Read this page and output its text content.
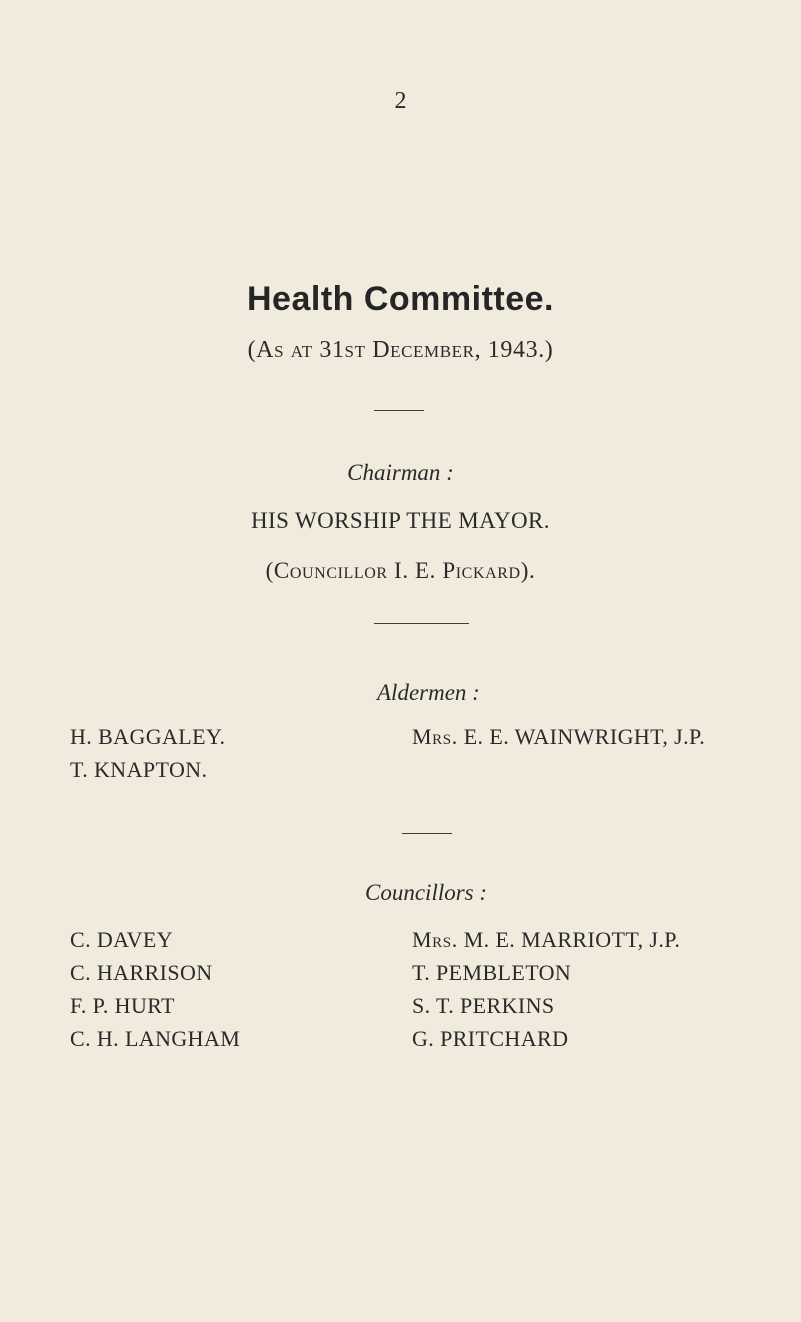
2
Health Committee.
(As at 31st December, 1943.)
Chairman :
HIS WORSHIP THE MAYOR.
(Councillor I. E. Pickard).
Aldermen :
H. BAGGALEY.
T. KNAPTON.
Mrs. E. E. WAINWRIGHT, J.P.
Councillors :
C. DAVEY
C. HARRISON
F. P. HURT
C. H. LANGHAM
Mrs. M. E. MARRIOTT, J.P.
T. PEMBLETON
S. T. PERKINS
G. PRITCHARD
